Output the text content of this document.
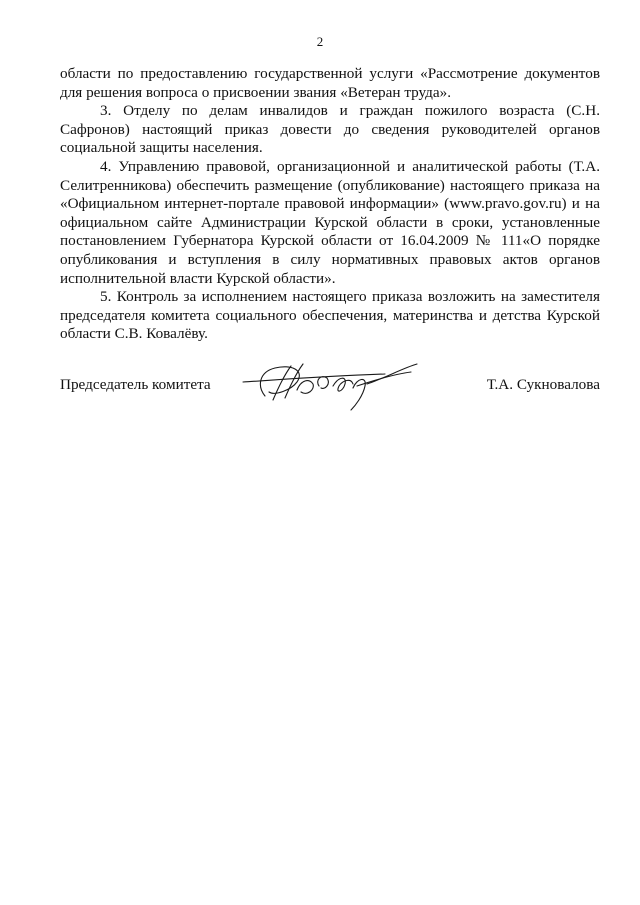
2

области по предоставлению государственной услуги «Рассмотрение документов для решения вопроса о присвоении звания «Ветеран труда».

3. Отделу по делам инвалидов и граждан пожилого возраста (С.Н. Сафронов) настоящий приказ довести до сведения руководителей органов социальной защиты населения.

4. Управлению правовой, организационной и аналитической работы (Т.А. Селитренникова) обеспечить размещение (опубликование) настоящего приказа на «Официальном интернет-портале правовой информации» (www.pravo.gov.ru) и на официальном сайте Администрации Курской области в сроки, установленные постановлением Губернатора Курской области от 16.04.2009 № 111«О порядке опубликования и вступления в силу нормативных правовых актов органов исполнительной власти Курской области».

5. Контроль за исполнением настоящего приказа возложить на заместителя председателя комитета социального обеспечения, материнства и детства Курской области С.В. Ковалёву.

Председатель комитета	Т.А. Сукновалова
